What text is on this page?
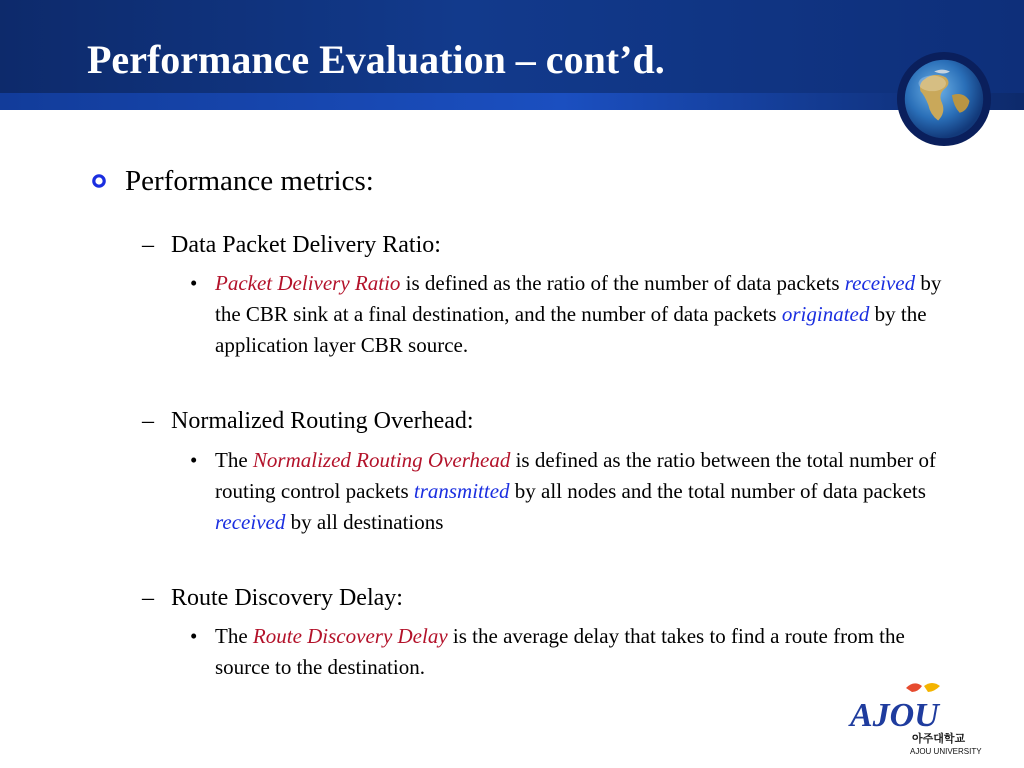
Performance Evaluation – cont’d.
Performance metrics:
– Data Packet Delivery Ratio:
• Packet Delivery Ratio is defined as the ratio of the number of data packets received by the CBR sink at a final destination, and the number of data packets originated by the application layer CBR source.
– Normalized Routing Overhead:
• The Normalized Routing Overhead is defined as the ratio between the total number of routing control packets transmitted by all nodes and the total number of data packets received by all destinations
– Route Discovery Delay:
• The Route Discovery Delay is the average delay that takes to find a route from the source to the destination.
AJOU
아주대학교
AJOU UNIVERSITY
